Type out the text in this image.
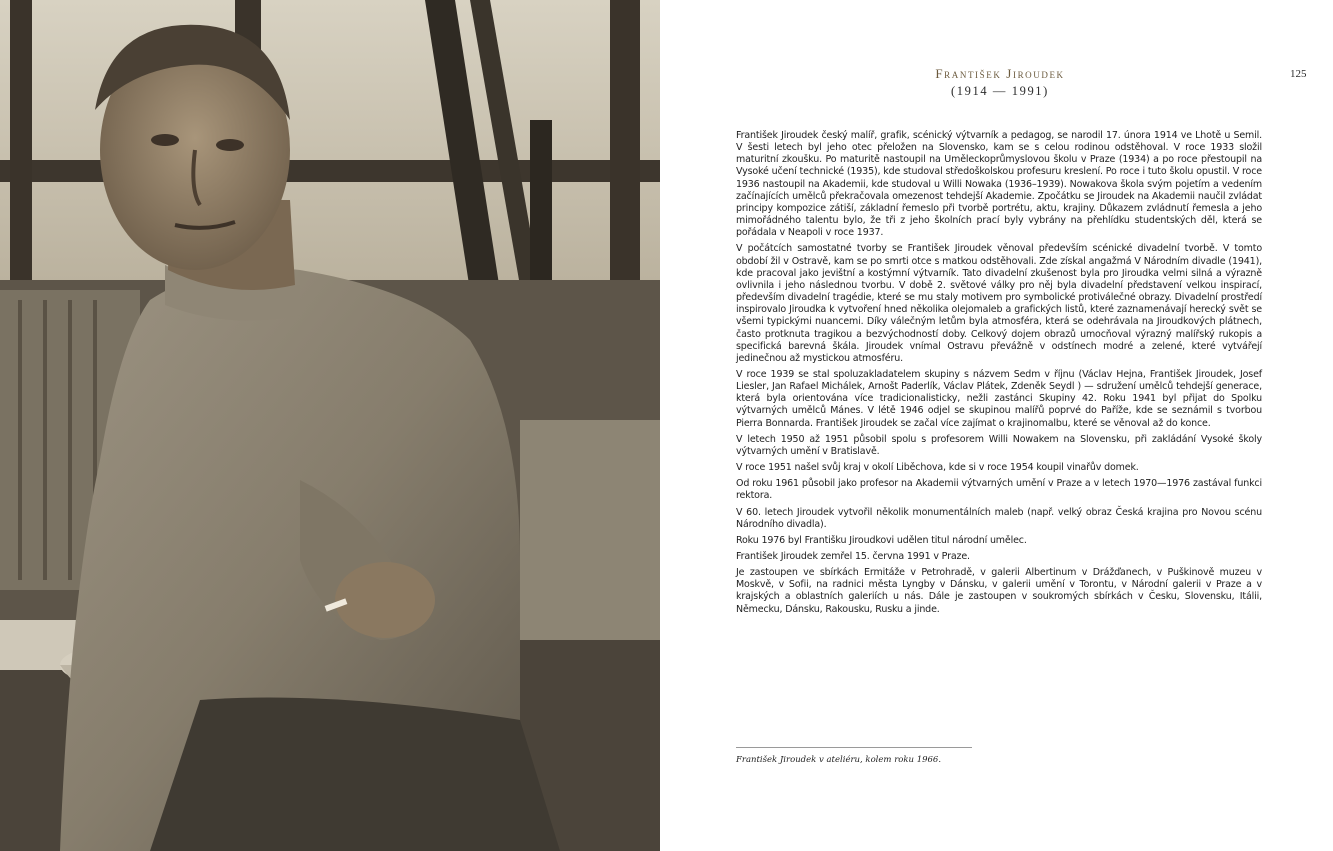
František Jiroudek
(1914 — 1991)
125

František Jiroudek český malíř, grafik, scénický výtvarník a pedagog, se narodil 17. února 1914 ve Lhotě u Semil. V šesti letech byl jeho otec přeložen na Slovensko, kam se s celou rodinou odstěhoval. V roce 1933 složil maturitní zkoušku. Po maturitě nastoupil na Uměleckoprůmyslovou školu v Praze (1934) a po roce přestoupil na Vysoké učení technické (1935), kde studoval středoškolskou profesuru kreslení. Po roce i tuto školu opustil. V roce 1936 nastoupil na Akademii, kde studoval u Willi Nowaka (1936–1939). Nowakova škola svým pojetím a vedením začínajících umělců překračovala omezenost tehdejší Akademie. Zpočátku se Jiroudek na Akademii naučil zvládat principy kompozice zátiší, základní řemeslo při tvorbě portrétu, aktu, krajiny. Důkazem zvládnutí řemesla a jeho mimořádného talentu bylo, že tři z jeho školních prací byly vybrány na přehlídku studentských děl, která se pořádala v Neapoli v roce 1937.

V počátcích samostatné tvorby se František Jiroudek věnoval především scénické divadelní tvorbě. V tomto období žil v Ostravě, kam se po smrti otce s matkou odstěhovali. Zde získal angažmá V Národním divadle (1941), kde pracoval jako jevištní a kostýmní výtvarník. Tato divadelní zkušenost byla pro Jiroudka velmi silná a výrazně ovlivnila i jeho následnou tvorbu. V době 2. světové války pro něj byla divadelní představení velkou inspirací, především divadelní tragédie, které se mu staly motivem pro symbolické protiválečné obrazy. Divadelní prostředí inspirovalo Jiroudka k vytvoření hned několika olejomaleb a grafických listů, které zaznamenávají herecký svět se všemi typickými nuancemi. Díky válečným letům byla atmosféra, která se odehrávala na Jiroudkových plátnech, často protknuta tragikou a bezvýchodností doby. Celkový dojem obrazů umocňoval výrazný malířský rukopis a specifická barevná škála. Jiroudek vnímal Ostravu převážně v odstínech modré a zelené, které vytvářejí jedinečnou až mystickou atmosféru.

V roce 1939 se stal spoluzakladatelem skupiny s názvem Sedm v říjnu (Václav Hejna, František Jiroudek, Josef Liesler, Jan Rafael Michálek, Arnošt Paderlík, Václav Plátek, Zdeněk Seydl ) — sdružení umělců tehdejší generace, která byla orientována více tradicionalisticky, nežli zastánci Skupiny 42. Roku 1941 byl přijat do Spolku výtvarných umělců Mánes. V létě 1946 odjel se skupinou malířů poprvé do Paříže, kde se seznámil s tvorbou Pierra Bonnarda. František Jiroudek se začal více zajímat o krajinomalbu, které se věnoval až do konce.

V letech 1950 až 1951 působil spolu s profesorem Willi Nowakem na Slovensku, při zakládání Vysoké školy výtvarných umění v Bratislavě.

V roce 1951 našel svůj kraj v okolí Liběchova, kde si v roce 1954 koupil vinařův domek.

Od roku 1961 působil jako profesor na Akademii výtvarných umění v Praze a v letech 1970—1976 zastával funkci rektora.

V 60. letech Jiroudek vytvořil několik monumentálních maleb (např. velký obraz Česká krajina pro Novou scénu Národního divadla).

Roku 1976 byl Františku Jiroudkovi udělen titul národní umělec.

František Jiroudek zemřel 15. června 1991 v Praze.

Je zastoupen ve sbírkách Ermitáže v Petrohradě, v galerii Albertinum v Drážďanech, v Puškinově muzeu v Moskvě, v Sofii, na radnici města Lyngby v Dánsku, v galerii umění v Torontu, v Národní galerii v Praze a v krajských a oblastních galeriích u nás. Dále je zastoupen v soukromých sbírkách v Česku, Slovensku, Itálii, Německu, Dánsku, Rakousku, Rusku a jinde.

František Jiroudek v ateliéru, kolem roku 1966.
